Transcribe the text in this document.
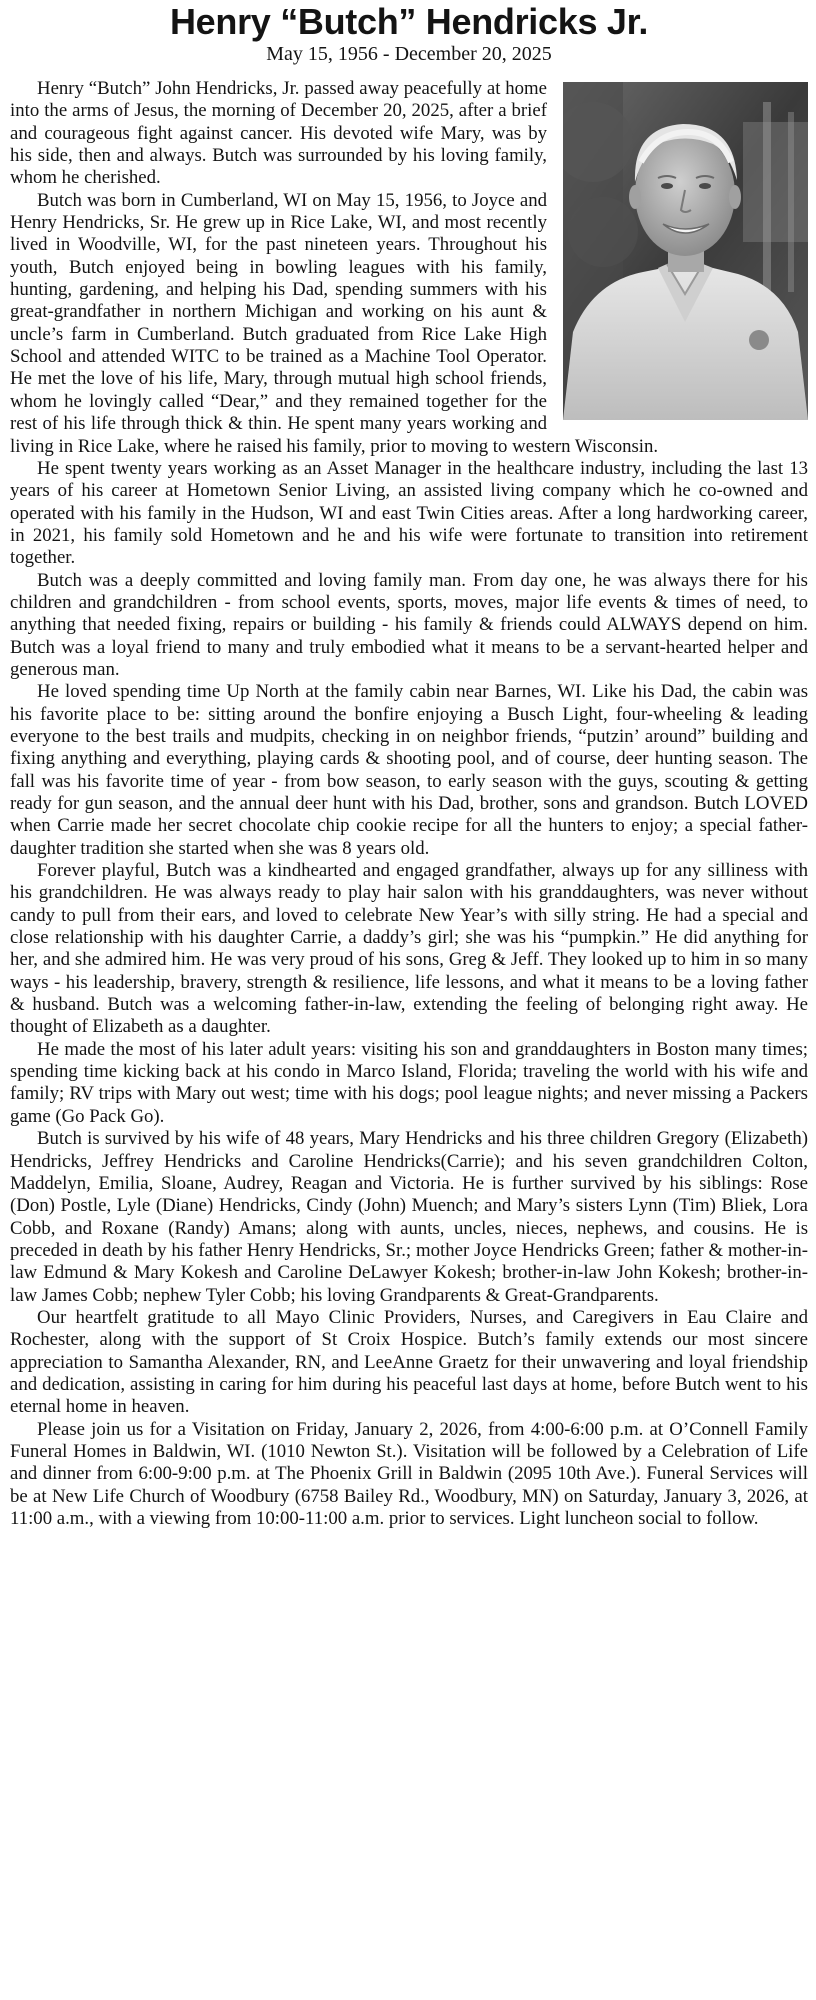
Henry “Butch” Hendricks Jr.
May 15, 1956 - December 20, 2025

Henry “Butch” John Hendricks, Jr. passed away peacefully at home into the arms of Jesus, the morning of December 20, 2025, after a brief and courageous fight against cancer. His devoted wife Mary, was by his side, then and always. Butch was surrounded by his loving family, whom he cherished.

Butch was born in Cumberland, WI on May 15, 1956, to Joyce and Henry Hendricks, Sr. He grew up in Rice Lake, WI, and most recently lived in Woodville, WI, for the past nineteen years. Throughout his youth, Butch enjoyed being in bowling leagues with his family, hunting, gardening, and helping his Dad, spending summers with his great-grandfather in northern Michigan and working on his aunt & uncle’s farm in Cumberland. Butch graduated from Rice Lake High School and attended WITC to be trained as a Machine Tool Operator. He met the love of his life, Mary, through mutual high school friends, whom he lovingly called “Dear,” and they remained together for the rest of his life through thick & thin. He spent many years working and living in Rice Lake, where he raised his family, prior to moving to western Wisconsin.

He spent twenty years working as an Asset Manager in the healthcare industry, including the last 13 years of his career at Hometown Senior Living, an assisted living company which he co-owned and operated with his family in the Hudson, WI and east Twin Cities areas. After a long hardworking career, in 2021, his family sold Hometown and he and his wife were fortunate to transition into retirement together.

Butch was a deeply committed and loving family man. From day one, he was always there for his children and grandchildren - from school events, sports, moves, major life events & times of need, to anything that needed fixing, repairs or building - his family & friends could ALWAYS depend on him. Butch was a loyal friend to many and truly embodied what it means to be a servant-hearted helper and generous man.

He loved spending time Up North at the family cabin near Barnes, WI. Like his Dad, the cabin was his favorite place to be: sitting around the bonfire enjoying a Busch Light, four-wheeling & leading everyone to the best trails and mudpits, checking in on neighbor friends, “putzin’ around” building and fixing anything and everything, playing cards & shooting pool, and of course, deer hunting season. The fall was his favorite time of year - from bow season, to early season with the guys, scouting & getting ready for gun season, and the annual deer hunt with his Dad, brother, sons and grandson. Butch LOVED when Carrie made her secret chocolate chip cookie recipe for all the hunters to enjoy; a special father-daughter tradition she started when she was 8 years old.

Forever playful, Butch was a kindhearted and engaged grandfather, always up for any silliness with his grandchildren. He was always ready to play hair salon with his granddaughters, was never without candy to pull from their ears, and loved to celebrate New Year’s with silly string. He had a special and close relationship with his daughter Carrie, a daddy’s girl; she was his “pumpkin.” He did anything for her, and she admired him. He was very proud of his sons, Greg & Jeff. They looked up to him in so many ways - his leadership, bravery, strength & resilience, life lessons, and what it means to be a loving father & husband. Butch was a welcoming father-in-law, extending the feeling of belonging right away. He thought of Elizabeth as a daughter.

He made the most of his later adult years: visiting his son and granddaughters in Boston many times; spending time kicking back at his condo in Marco Island, Florida; traveling the world with his wife and family; RV trips with Mary out west; time with his dogs; pool league nights; and never missing a Packers game (Go Pack Go).

Butch is survived by his wife of 48 years, Mary Hendricks and his three children Gregory (Elizabeth) Hendricks, Jeffrey Hendricks and Caroline Hendricks(Carrie); and his seven grandchildren Colton, Maddelyn, Emilia, Sloane, Audrey, Reagan and Victoria. He is further survived by his siblings: Rose (Don) Postle, Lyle (Diane) Hendricks, Cindy (John) Muench; and Mary’s sisters Lynn (Tim) Bliek, Lora Cobb, and Roxane (Randy) Amans; along with aunts, uncles, nieces, nephews, and cousins. He is preceded in death by his father Henry Hendricks, Sr.; mother Joyce Hendricks Green; father & mother-in-law Edmund & Mary Kokesh and Caroline DeLawyer Kokesh; brother-in-law John Kokesh; brother-in-law James Cobb; nephew Tyler Cobb; his loving Grandparents & Great-Grandparents.

Our heartfelt gratitude to all Mayo Clinic Providers, Nurses, and Caregivers in Eau Claire and Rochester, along with the support of St Croix Hospice. Butch’s family extends our most sincere appreciation to Samantha Alexander, RN, and LeeAnne Graetz for their unwavering and loyal friendship and dedication, assisting in caring for him during his peaceful last days at home, before Butch went to his eternal home in heaven.

Please join us for a Visitation on Friday, January 2, 2026, from 4:00-6:00 p.m. at O’Connell Family Funeral Homes in Baldwin, WI. (1010 Newton St.). Visitation will be followed by a Celebration of Life and dinner from 6:00-9:00 p.m. at The Phoenix Grill in Baldwin (2095 10th Ave.). Funeral Services will be at New Life Church of Woodbury (6758 Bailey Rd., Woodbury, MN) on Saturday, January 3, 2026, at 11:00 a.m., with a viewing from 10:00-11:00 a.m. prior to services. Light luncheon social to follow.
